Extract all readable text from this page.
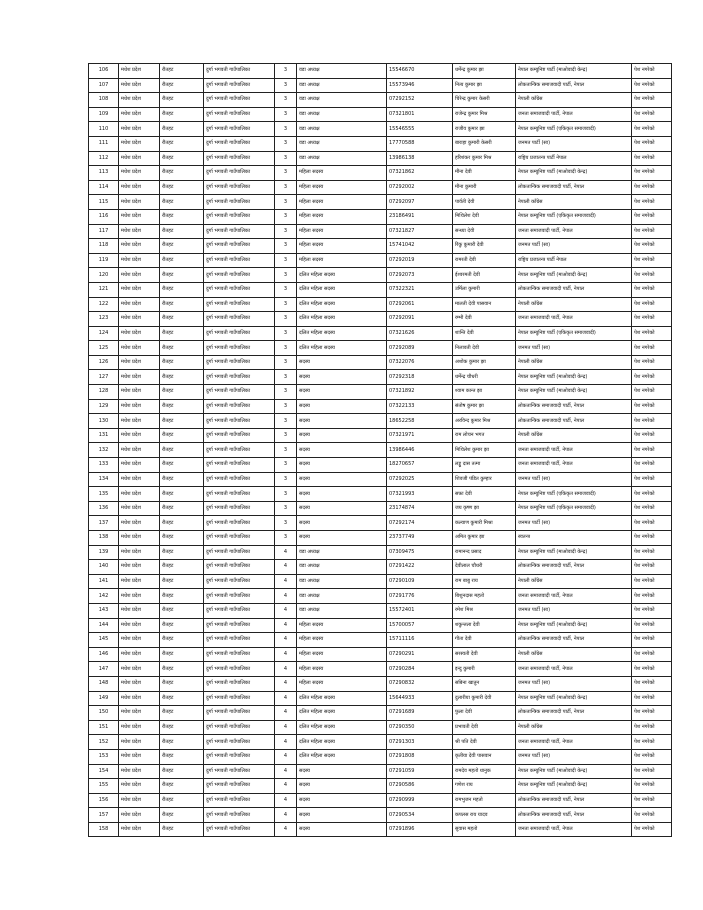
106	मधेश प्रदेश	रौतहट	दुर्गा भगवती गाउँपालिका	3	वडा अध्यक्ष	15546670	धर्मेन्द्र कुमार झा	नेपाल कम्युनिष्ट पार्टी (माओवादी केन्द्र)	पेश नगरेको
107	मधेश प्रदेश	रौतहट	दुर्गा भगवती गाउँपालिका	3	वडा अध्यक्ष	15573946	नित्य कुमार झा	लोकतान्त्रिक समाजवादी पार्टी, नेपाल	पेश नगरेको
108	मधेश प्रदेश	रौतहट	दुर्गा भगवती गाउँपालिका	3	वडा अध्यक्ष	07292152	चिरेन्द्र कुमार केसरी	नेपाली काँग्रेस	पेश नगरेको
109	मधेश प्रदेश	रौतहट	दुर्गा भगवती गाउँपालिका	3	वडा अध्यक्ष	07321801	राजेन्द्र कुमार मिश्र	जनता समाजवादी पार्टी, नेपाल	पेश नगरेको
110	मधेश प्रदेश	रौतहट	दुर्गा भगवती गाउँपालिका	3	वडा अध्यक्ष	15546555	राजीव कुमार झा	नेपाल कम्युनिष्ट पार्टी (एकिकृत समाजवादी)	पेश नगरेको
111	मधेश प्रदेश	रौतहट	दुर्गा भगवती गाउँपालिका	3	वडा अध्यक्ष	17770588	बाराहा कुमारी केसरी	जनमत पार्टी (सा)	पेश नगरेको
112	मधेश प्रदेश	रौतहट	दुर्गा भगवती गाउँपालिका	3	वडा अध्यक्ष	13986138	हरिशंकर कुमार मिश्र	राष्ट्रिय प्रजातन्त्र पार्टी नेपाल	पेश नगरेको
113	मधेश प्रदेश	रौतहट	दुर्गा भगवती गाउँपालिका	3	महिला सदस्य	07321862	मीना देवी	नेपाल कम्युनिष्ट पार्टी (माओवादी केन्द्र)	पेश नगरेको
114	मधेश प्रदेश	रौतहट	दुर्गा भगवती गाउँपालिका	3	महिला सदस्य	07292002	मीना कुमारी	लोकतान्त्रिक समाजवादी पार्टी, नेपाल	पेश नगरेको
115	मधेश प्रदेश	रौतहट	दुर्गा भगवती गाउँपालिका	3	महिला सदस्य	07292097	पार्वती देवी	नेपाली काँग्रेस	पेश नगरेको
116	मधेश प्रदेश	रौतहट	दुर्गा भगवती गाउँपालिका	3	महिला सदस्य	23186491	मिथिलेश देवी	नेपाल कम्युनिष्ट पार्टी (एकिकृत समाजवादी)	पेश नगरेको
117	मधेश प्रदेश	रौतहट	दुर्गा भगवती गाउँपालिका	3	महिला सदस्य	07321827	सन्ध्या देवी	जनता समाजवादी पार्टी, नेपाल	पेश नगरेको
118	मधेश प्रदेश	रौतहट	दुर्गा भगवती गाउँपालिका	3	महिला सदस्य	15741042	रिंकु कुमारी देवी	जनमत पार्टी (सा)	पेश नगरेको
119	मधेश प्रदेश	रौतहट	दुर्गा भगवती गाउँपालिका	3	महिला सदस्य	07292019	रामरती देवी	राष्ट्रिय प्रजातन्त्र पार्टी नेपाल	पेश नगरेको
120	मधेश प्रदेश	रौतहट	दुर्गा भगवती गाउँपालिका	3	दलित महिला सदस्य	07292073	ईश्वरमती देवी	नेपाल कम्युनिष्ट पार्टी (माओवादी केन्द्र)	पेश नगरेको
121	मधेश प्रदेश	रौतहट	दुर्गा भगवती गाउँपालिका	3	दलित महिला सदस्य	07322321	उर्मिला कुमारी	लोकतान्त्रिक समाजवादी पार्टी, नेपाल	पेश नगरेको
122	मधेश प्रदेश	रौतहट	दुर्गा भगवती गाउँपालिका	3	दलित महिला सदस्य	07292061	मालती देवी पासवान	नेपाली काँग्रेस	पेश नगरेको
123	मधेश प्रदेश	रौतहट	दुर्गा भगवती गाउँपालिका	3	दलित महिला सदस्य	07292091	रम्भी देवी	जनता समाजवादी पार्टी, नेपाल	पेश नगरेको
124	मधेश प्रदेश	रौतहट	दुर्गा भगवती गाउँपालिका	3	दलित महिला सदस्य	07321626	शान्ति देवी	नेपाल कम्युनिष्ट पार्टी (एकिकृत समाजवादी)	पेश नगरेको
125	मधेश प्रदेश	रौतहट	दुर्गा भगवती गाउँपालिका	3	दलित महिला सदस्य	07292089	निलावती देवी	जनमत पार्टी (सा)	पेश नगरेको
126	मधेश प्रदेश	रौतहट	दुर्गा भगवती गाउँपालिका	3	सदस्य	07322076	अशोक कुमार झा	नेपाली काँग्रेस	पेश नगरेको
127	मधेश प्रदेश	रौतहट	दुर्गा भगवती गाउँपालिका	3	सदस्य	07292318	धर्मेन्द्र चौधरी	नेपाल कम्युनिष्ट पार्टी (माओवादी केन्द्र)	पेश नगरेको
128	मधेश प्रदेश	रौतहट	दुर्गा भगवती गाउँपालिका	3	सदस्य	07321892	श्याम कान्त झा	नेपाल कम्युनिष्ट पार्टी (माओवादी केन्द्र)	पेश नगरेको
129	मधेश प्रदेश	रौतहट	दुर्गा भगवती गाउँपालिका	3	सदस्य	07322133	संतोष कुमार झा	लोकतान्त्रिक समाजवादी पार्टी, नेपाल	पेश नगरेको
130	मधेश प्रदेश	रौतहट	दुर्गा भगवती गाउँपालिका	3	सदस्य	18652258	अरविन्द कुमार मिश्र	लोकतान्त्रिक समाजवादी पार्टी, नेपाल	पेश नगरेको
131	मधेश प्रदेश	रौतहट	दुर्गा भगवती गाउँपालिका	3	सदस्य	07321971	राम लोचन भगत	नेपाली काँग्रेस	पेश नगरेको
132	मधेश प्रदेश	रौतहट	दुर्गा भगवती गाउँपालिका	3	सदस्य	13986446	मिथिलेश कुमार झा	जनता समाजवादी पार्टी, नेपाल	पेश नगरेको
133	मधेश प्रदेश	रौतहट	दुर्गा भगवती गाउँपालिका	3	सदस्य	18270657	लड्डू दास तत्मा	जनता समाजवादी पार्टी, नेपाल	पेश नगरेको
134	मधेश प्रदेश	रौतहट	दुर्गा भगवती गाउँपालिका	3	सदस्य	07292025	शिवजी पंडित कुम्हार	जनमत पार्टी (सा)	पेश नगरेको
135	मधेश प्रदेश	रौतहट	दुर्गा भगवती गाउँपालिका	3	सदस्य	07321993	सफ़ा देवी	नेपाल कम्युनिष्ट पार्टी (एकिकृत समाजवादी)	पेश नगरेको
136	मधेश प्रदेश	रौतहट	दुर्गा भगवती गाउँपालिका	3	सदस्य	23174874	जय कृष्ण झा	नेपाल कम्युनिष्ट पार्टी (एकिकृत समाजवादी)	पेश नगरेको
137	मधेश प्रदेश	रौतहट	दुर्गा भगवती गाउँपालिका	3	सदस्य	07292174	कल्याण कुमारी मिश्रा	जनमत पार्टी (सा)	पेश नगरेको
138	मधेश प्रदेश	रौतहट	दुर्गा भगवती गाउँपालिका	3	सदस्य	23737749	अमित कुमार झा	स्वतन्त्र	पेश नगरेको
139	मधेश प्रदेश	रौतहट	दुर्गा भगवती गाउँपालिका	4	वडा अध्यक्ष	07309475	रामानन्द प्रसाद	नेपाल कम्युनिष्ट पार्टी (माओवादी केन्द्र)	पेश नगरेको
140	मधेश प्रदेश	रौतहट	दुर्गा भगवती गाउँपालिका	4	वडा अध्यक्ष	07291422	देवीलाल चौधरी	लोकतान्त्रिक समाजवादी पार्टी, नेपाल	पेश नगरेको
141	मधेश प्रदेश	रौतहट	दुर्गा भगवती गाउँपालिका	4	वडा अध्यक्ष	07290109	राम बाबु राय	नेपाली काँग्रेस	पेश नगरेको
142	मधेश प्रदेश	रौतहट	दुर्गा भगवती गाउँपालिका	4	वडा अध्यक्ष	07291776	बिशुनदास महतो	जनता समाजवादी पार्टी, नेपाल	पेश नगरेको
143	मधेश प्रदेश	रौतहट	दुर्गा भगवती गाउँपालिका	4	वडा अध्यक्ष	15572401	रमेश मिश्र	जनमत पार्टी (सा)	पेश नगरेको
144	मधेश प्रदेश	रौतहट	दुर्गा भगवती गाउँपालिका	4	महिला सदस्य	15700057	शकुन्तला देवी	नेपाल कम्युनिष्ट पार्टी (माओवादी केन्द्र)	पेश नगरेको
145	मधेश प्रदेश	रौतहट	दुर्गा भगवती गाउँपालिका	4	महिला सदस्य	15711116	गीता देवी	लोकतान्त्रिक समाजवादी पार्टी, नेपाल	पेश नगरेको
146	मधेश प्रदेश	रौतहट	दुर्गा भगवती गाउँपालिका	4	महिला सदस्य	07290291	सरस्वती देवी	नेपाली काँग्रेस	पेश नगरेको
147	मधेश प्रदेश	रौतहट	दुर्गा भगवती गाउँपालिका	4	महिला सदस्य	07290284	इन्दु कुमारी	जनता समाजवादी पार्टी, नेपाल	पेश नगरेको
148	मधेश प्रदेश	रौतहट	दुर्गा भगवती गाउँपालिका	4	महिला सदस्य	07290832	सबिना खातुन	जनमत पार्टी (सा)	पेश नगरेको
149	मधेश प्रदेश	रौतहट	दुर्गा भगवती गाउँपालिका	4	दलित महिला सदस्य	15644933	दुलारीया कुमारी देवी	नेपाल कम्युनिष्ट पार्टी (माओवादी केन्द्र)	पेश नगरेको
150	मधेश प्रदेश	रौतहट	दुर्गा भगवती गाउँपालिका	4	दलित महिला सदस्य	07291689	फुला देवी	लोकतान्त्रिक समाजवादी पार्टी, नेपाल	पेश नगरेको
151	मधेश प्रदेश	रौतहट	दुर्गा भगवती गाउँपालिका	4	दलित महिला सदस्य	07290350	प्रभावती देवी	नेपाली काँग्रेस	पेश नगरेको
152	मधेश प्रदेश	रौतहट	दुर्गा भगवती गाउँपालिका	4	दलित महिला सदस्य	07291303	श्री पति देवी	जनता समाजवादी पार्टी, नेपाल	पेश नगरेको
153	मधेश प्रदेश	रौतहट	दुर्गा भगवती गाउँपालिका	4	दलित महिला सदस्य	07291808	कृतीया देवी पासवान	जनमत पार्टी (सा)	पेश नगरेको
154	मधेश प्रदेश	रौतहट	दुर्गा भगवती गाउँपालिका	4	सदस्य	07291059	रामदेव महतो धानुक	नेपाल कम्युनिष्ट पार्टी (माओवादी केन्द्र)	पेश नगरेको
155	मधेश प्रदेश	रौतहट	दुर्गा भगवती गाउँपालिका	4	सदस्य	07290586	गणेश राय	नेपाल कम्युनिष्ट पार्टी (माओवादी केन्द्र)	पेश नगरेको
156	मधेश प्रदेश	रौतहट	दुर्गा भगवती गाउँपालिका	4	सदस्य	07290999	रामभुजन महतो	लोकतान्त्रिक समाजवादी पार्टी, नेपाल	पेश नगरेको
157	मधेश प्रदेश	रौतहट	दुर्गा भगवती गाउँपालिका	4	सदस्य	07290534	कपलस राय यादव	लोकतान्त्रिक समाजवादी पार्टी, नेपाल	पेश नगरेको
158	मधेश प्रदेश	रौतहट	दुर्गा भगवती गाउँपालिका	4	सदस्य	07291896	सुवास महतो	जनता समाजवादी पार्टी, नेपाल	पेश नगरेको
